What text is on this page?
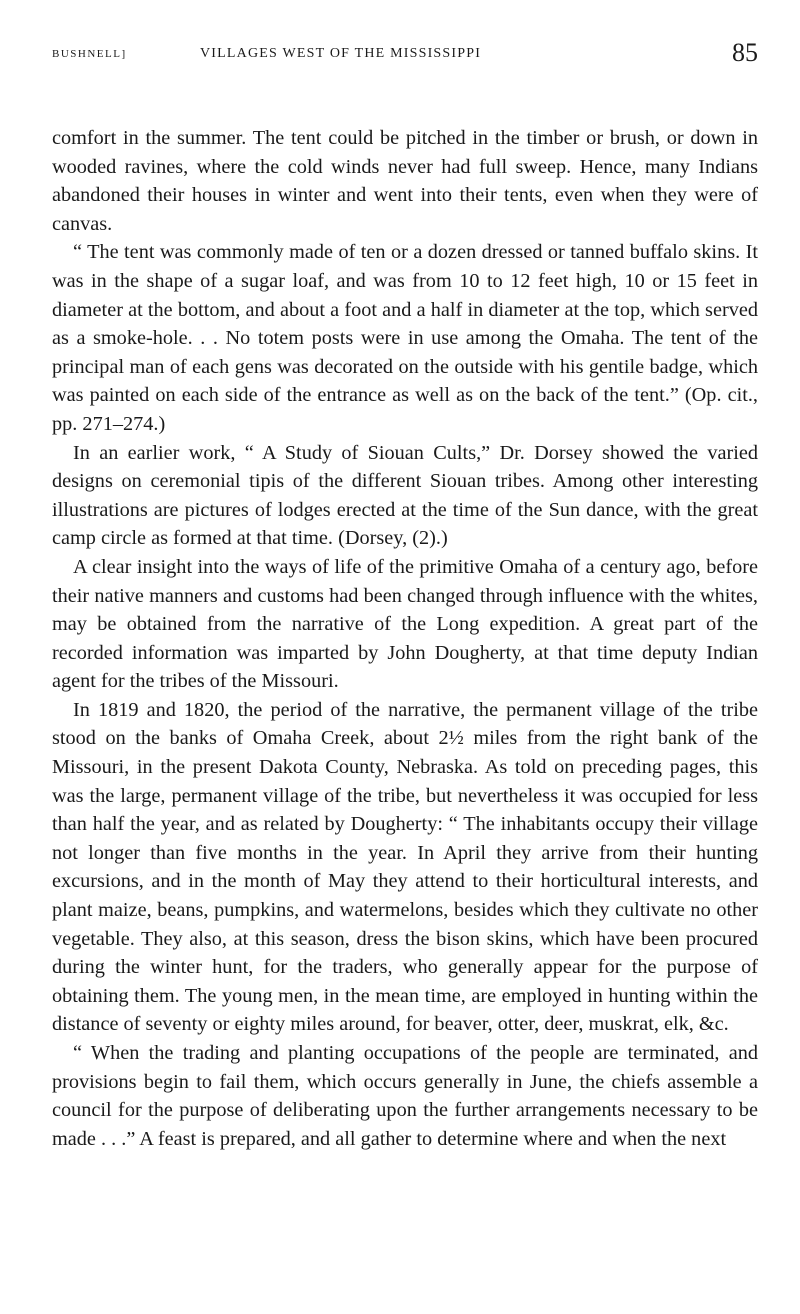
BUSHNELL]	VILLAGES WEST OF THE MISSISSIPPI	85

comfort in the summer. The tent could be pitched in the timber or brush, or down in wooded ravines, where the cold winds never had full sweep. Hence, many Indians abandoned their houses in winter and went into their tents, even when they were of canvas.

“ The tent was commonly made of ten or a dozen dressed or tanned buffalo skins. It was in the shape of a sugar loaf, and was from 10 to 12 feet high, 10 or 15 feet in diameter at the bottom, and about a foot and a half in diameter at the top, which served as a smoke-hole. . . No totem posts were in use among the Omaha. The tent of the principal man of each gens was decorated on the outside with his gentile badge, which was painted on each side of the entrance as well as on the back of the tent.” (Op. cit., pp. 271–274.)

In an earlier work, “ A Study of Siouan Cults,” Dr. Dorsey showed the varied designs on ceremonial tipis of the different Siouan tribes. Among other interesting illustrations are pictures of lodges erected at the time of the Sun dance, with the great camp circle as formed at that time. (Dorsey, (2).)

A clear insight into the ways of life of the primitive Omaha of a century ago, before their native manners and customs had been changed through influence with the whites, may be obtained from the narrative of the Long expedition. A great part of the recorded information was imparted by John Dougherty, at that time deputy Indian agent for the tribes of the Missouri.

In 1819 and 1820, the period of the narrative, the permanent village of the tribe stood on the banks of Omaha Creek, about 2½ miles from the right bank of the Missouri, in the present Dakota County, Nebraska. As told on preceding pages, this was the large, permanent village of the tribe, but nevertheless it was occupied for less than half the year, and as related by Dougherty: “ The inhabitants occupy their village not longer than five months in the year. In April they arrive from their hunting excursions, and in the month of May they attend to their horticultural interests, and plant maize, beans, pumpkins, and watermelons, besides which they cultivate no other vegetable. They also, at this season, dress the bison skins, which have been procured during the winter hunt, for the traders, who generally appear for the purpose of obtaining them. The young men, in the mean time, are employed in hunting within the distance of seventy or eighty miles around, for beaver, otter, deer, muskrat, elk, &c.

“ When the trading and planting occupations of the people are terminated, and provisions begin to fail them, which occurs generally in June, the chiefs assemble a council for the purpose of deliberating upon the further arrangements necessary to be made . . .” A feast is prepared, and all gather to determine where and when the next
